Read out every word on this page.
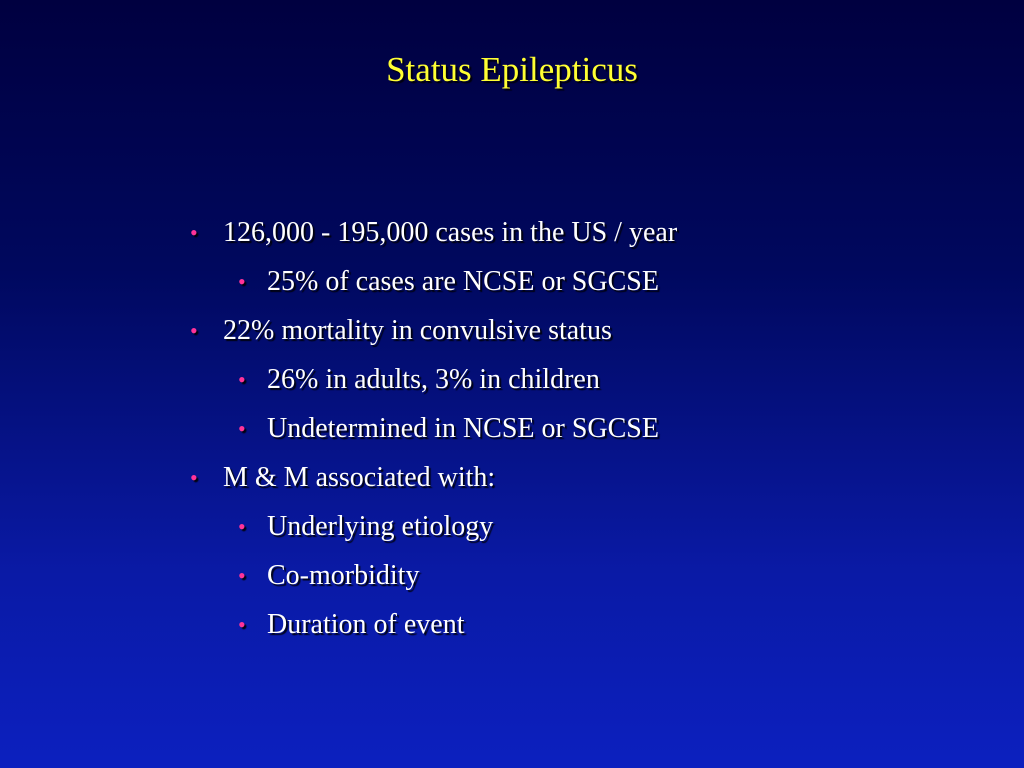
Status Epilepticus
• 126,000 - 195,000 cases in the US / year
• 25% of cases are NCSE or SGCSE
• 22% mortality in convulsive status
• 26% in adults, 3% in children
• Undetermined in NCSE or SGCSE
• M & M associated with:
• Underlying etiology
• Co-morbidity
• Duration of event
